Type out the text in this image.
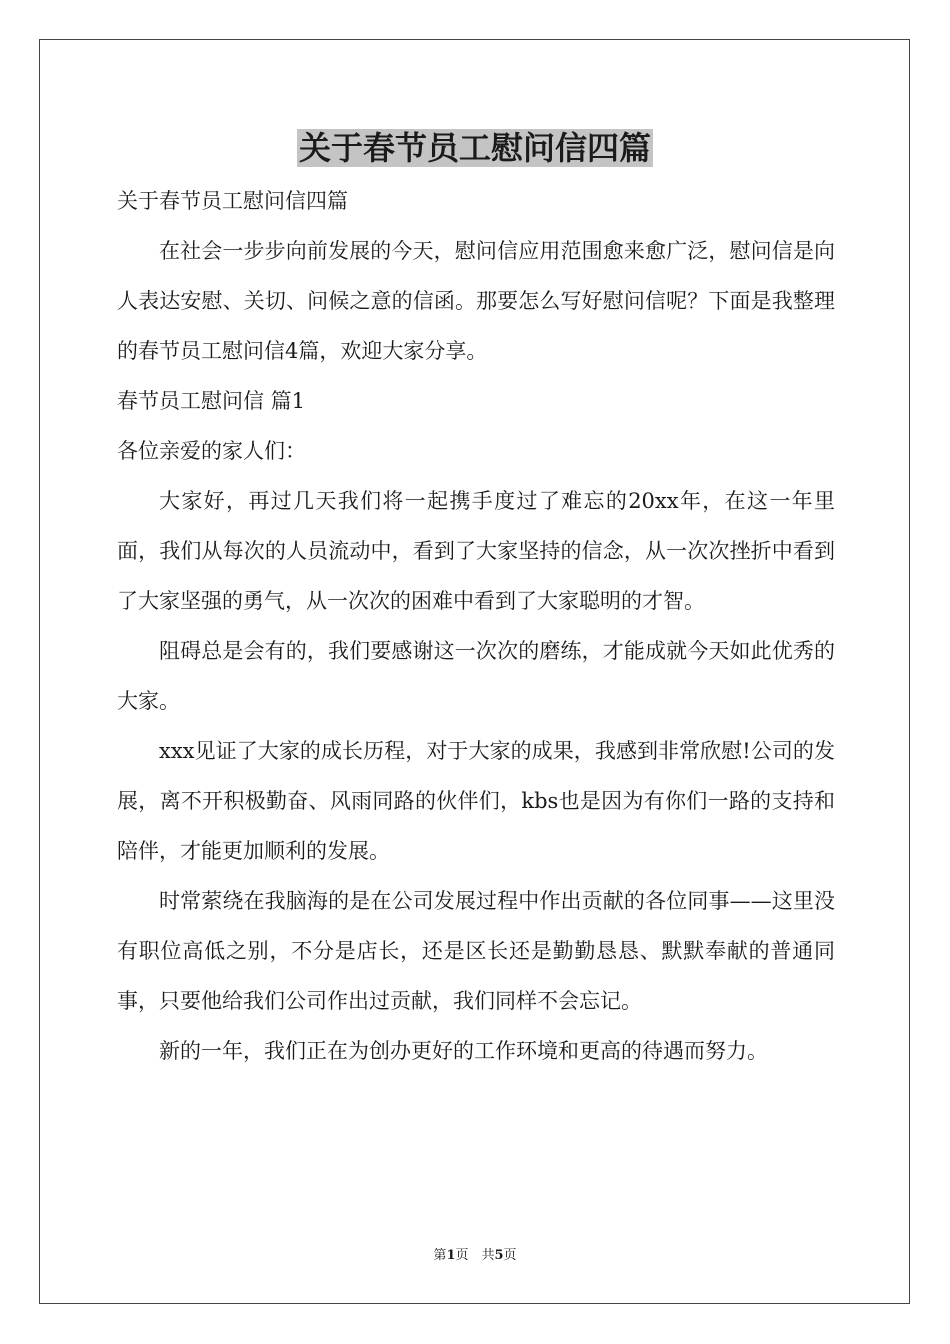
关于春节员工慰问信四篇

关于春节员工慰问信四篇

在社会一步步向前发展的今天，慰问信应用范围愈来愈广泛，慰问信是向人表达安慰、关切、问候之意的信函。那要怎么写好慰问信呢？下面是我整理的春节员工慰问信4篇，欢迎大家分享。

春节员工慰问信 篇1

各位亲爱的家人们：

大家好，再过几天我们将一起携手度过了难忘的20xx年，在这一年里面，我们从每次的人员流动中，看到了大家坚持的信念，从一次次挫折中看到了大家坚强的勇气，从一次次的困难中看到了大家聪明的才智。

阻碍总是会有的，我们要感谢这一次次的磨练，才能成就今天如此优秀的大家。

xxx见证了大家的成长历程，对于大家的成果，我感到非常欣慰!公司的发展，离不开积极勤奋、风雨同路的伙伴们，kbs也是因为有你们一路的支持和陪伴，才能更加顺利的发展。

时常萦绕在我脑海的是在公司发展过程中作出贡献的各位同事——这里没有职位高低之别，不分是店长，还是区长还是勤勤恳恳、默默奉献的普通同事，只要他给我们公司作出过贡献，我们同样不会忘记。

新的一年，我们正在为创办更好的工作环境和更高的待遇而努力。

第1页　共5页
